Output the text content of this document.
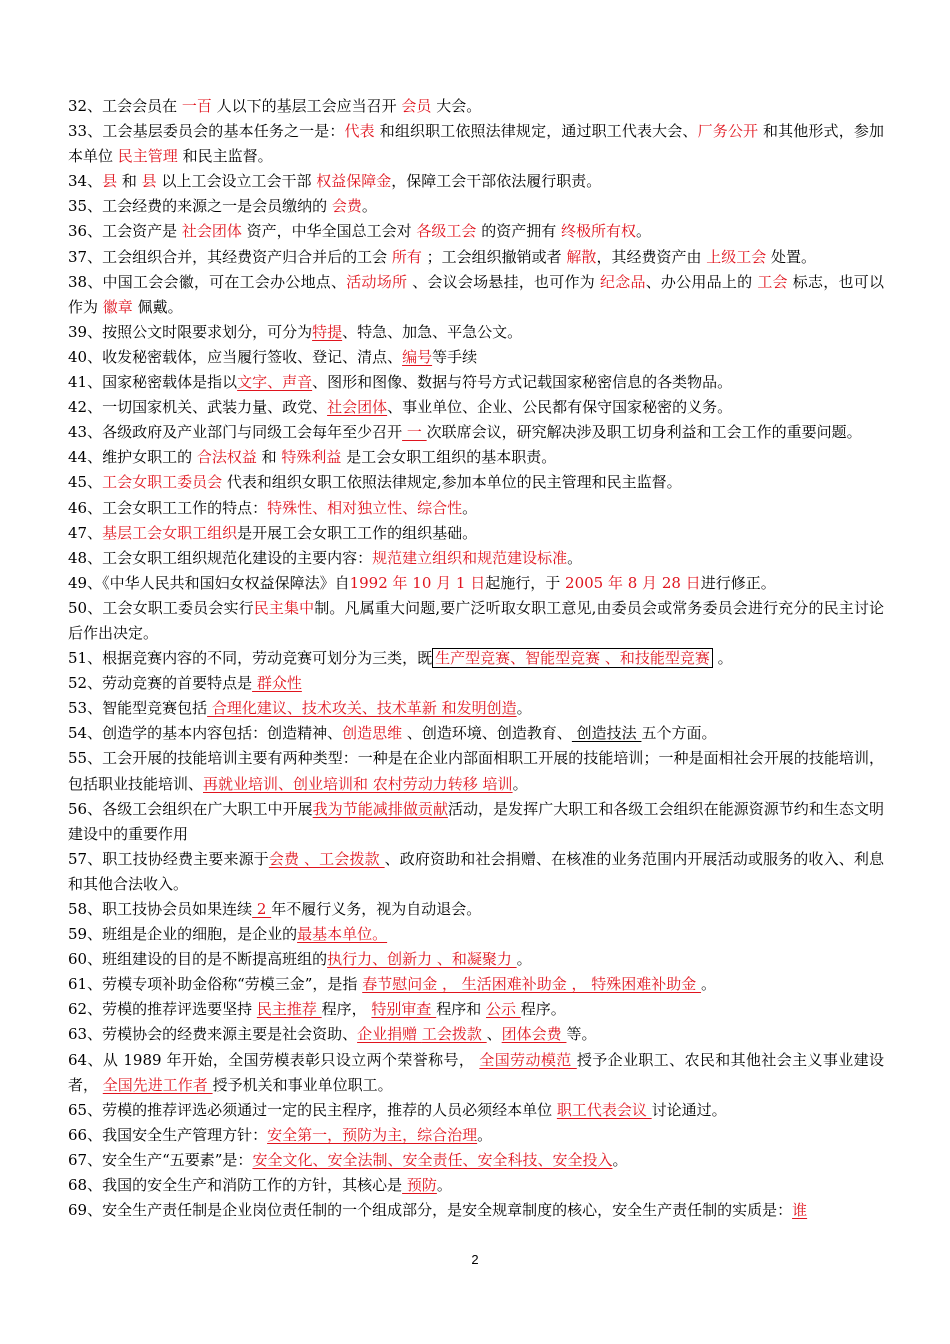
32、工会会员在 一百 人以下的基层工会应当召开 会员 大会。

33、工会基层委员会的基本任务之一是：代表 和组织职工依照法律规定，通过职工代表大会、厂务公开 和其他形式，参加本单位 民主管理 和民主监督。

34、县 和 县 以上工会设立工会干部 权益保障金，保障工会干部依法履行职责。

35、工会经费的来源之一是会员缴纳的 会费。

36、工会资产是 社会团体 资产，中华全国总工会对 各级工会 的资产拥有 终极所有权。

37、工会组织合并，其经费资产归合并后的工会 所有 ；工会组织撤销或者 解散，其经费资产由 上级工会 处置。

38、中国工会会徽，可在工会办公地点、活动场所 、会议会场悬挂，也可作为 纪念品、办公用品上的 工会 标志，也可以作为 徽章 佩戴。

39、按照公文时限要求划分，可分为特提、特急、加急、平急公文。

40、收发秘密载体，应当履行签收、登记、清点、编号等手续

41、国家秘密载体是指以文字、声音、图形和图像、数据与符号方式记载国家秘密信息的各类物品。

42、一切国家机关、武装力量、政党、社会团体、事业单位、企业、公民都有保守国家秘密的义务。

43、各级政府及产业部门与同级工会每年至少召开 一 次联席会议，研究解决涉及职工切身利益和工会工作的重要问题。

44、维护女职工的 合法权益 和 特殊利益 是工会女职工组织的基本职责。

45、工会女职工委员会 代表和组织女职工依照法律规定,参加本单位的民主管理和民主监督。

46、工会女职工工作的特点：特殊性、相对独立性、综合性。

47、基层工会女职工组织是开展工会女职工工作的组织基础。

48、工会女职工组织规范化建设的主要内容：规范建立组织和规范建设标准。

49、《中华人民共和国妇女权益保障法》自1992 年 10 月 1 日起施行，于 2005 年 8 月 28 日进行修正。

50、工会女职工委员会实行民主集中制。凡属重大问题,要广泛听取女职工意见,由委员会或常务委员会进行充分的民主讨论后作出决定。

51、根据竞赛内容的不同，劳动竞赛可划分为三类，既 生产型竞赛、智能型竞赛 、和技能型竞赛 。

52、劳动竞赛的首要特点是 群众性

53、智能型竞赛包括 合理化建议、技术攻关、技术革新 和发明创造。

54、创造学的基本内容包括：创造精神、创造思维 、创造环境、创造教育、 创造技法 五个方面。

55、工会开展的技能培训主要有两种类型：一种是在企业内部面相职工开展的技能培训；一种是面相社会开展的技能培训，包括职业技能培训、再就业培训、创业培训和 农村劳动力转移 培训。

56、各级工会组织在广大职工中开展我为节能减排做贡献活动，是发挥广大职工和各级工会组织在能源资源节约和生态文明建设中的重要作用

57、职工技协经费主要来源于会费 、工会拨款 、政府资助和社会捐赠、在核准的业务范围内开展活动或服务的收入、利息和其他合法收入。

58、职工技协会员如果连续 2 年不履行义务，视为自动退会。

59、班组是企业的细胞，是企业的最基本单位。

60、班组建设的目的是不断提高班组的执行力、创新力 、和凝聚力 。

61、劳模专项补助金俗称“劳模三金”，是指 春节慰问金 ， 生活困难补助金 ， 特殊困难补助金 。

62、劳模的推荐评选要坚持 民主推荐 程序， 特别审查 程序和 公示 程序。

63、劳模协会的经费来源主要是社会资助、企业捐赠 工会拨款 、团体会费 等。

64、从 1989 年开始，全国劳模表彰只设立两个荣誉称号， 全国劳动模范 授予企业职工、农民和其他社会主义事业建设者， 全国先进工作者 授予机关和事业单位职工。

65、劳模的推荐评选必须通过一定的民主程序，推荐的人员必须经本单位 职工代表会议 讨论通过。

66、我国安全生产管理方针：安全第一，预防为主，综合治理。

67、安全生产“五要素”是：安全文化、安全法制、安全责任、安全科技、安全投入。

68、我国的安全生产和消防工作的方针，其核心是 预防。

69、安全生产责任制是企业岗位责任制的一个组成部分，是安全规章制度的核心，安全生产责任制的实质是：谁

2
